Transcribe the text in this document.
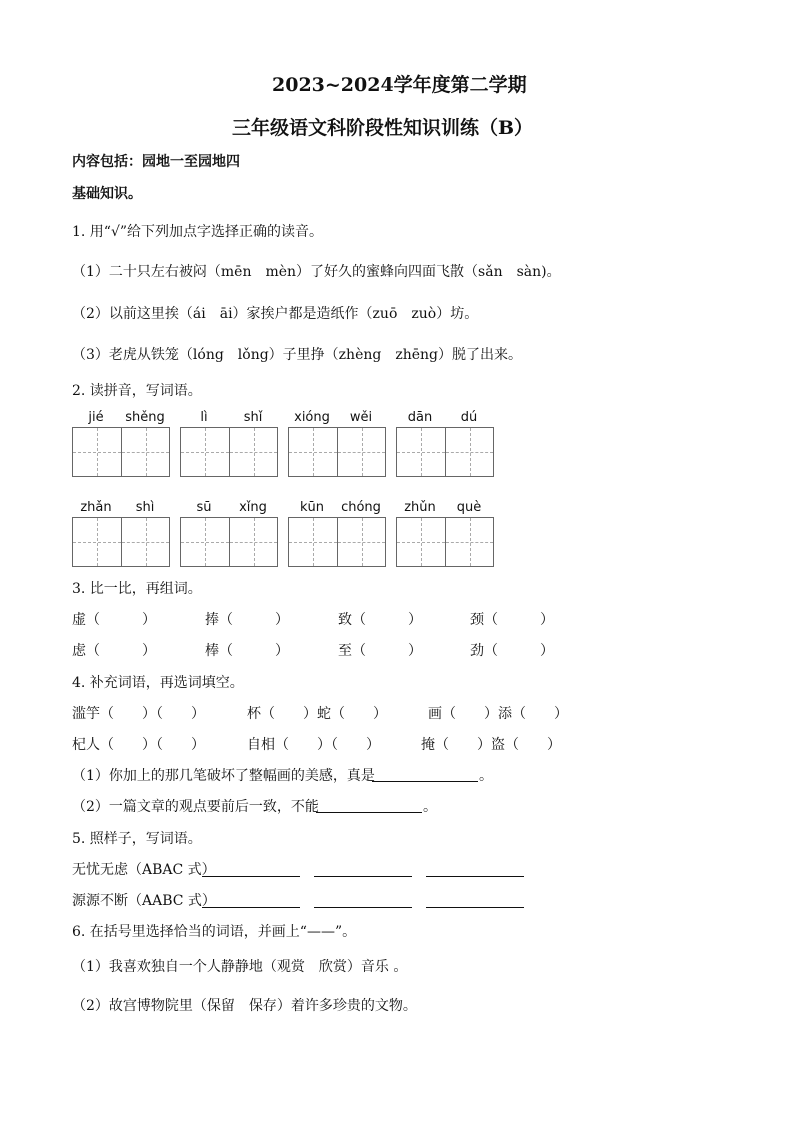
2023~2024学年度第二学期
三年级语文科阶段性知识训练（B）
内容包括：园地一至园地四
基础知识。
1. 用“√”给下列加点字选择正确的读音。
（1）二十只左右被闷（mēn　mèn）了好久的蜜蜂向四面飞散（sǎn　sàn)。
（2）以前这里挨（ái　āi）家挨户都是造纸作（zuō　zuò）坊。
（3）老虎从铁笼（lóng　lǒng）子里挣（zhèng　zhēng）脱了出来。
2. 读拼音，写词语。
jié	shěng	lì	shǐ	xióng	wěi	dān	dú
zhǎn	shì	sū	xǐng	kūn	chóng	zhǔn	què
3. 比一比，再组词。
虚（　　　）	捧（　　　）	致（　　　）	颈（　　　）
虑（　　　）	棒（　　　）	至（　　　）	劲（　　　）
4. 补充词语，再选词填空。
滥竽（　　）（　　）	杯（　　）蛇（　　）	画（　　）添（　　）
杞人（　　）（　　）	自相（　　）（　　）	掩（　　）盗（　　）
（1）你加上的那几笔破坏了整幅画的美感，真是	。
（2）一篇文章的观点要前后一致，不能	。
5. 照样子，写词语。
无忧无虑（ABAC 式）
源源不断（AABC 式）
6. 在括号里选择恰当的词语，并画上“——”。
（1）我喜欢独自一个人静静地（观赏　欣赏）音乐 。
（2）故宫博物院里（保留　保存）着许多珍贵的文物。
